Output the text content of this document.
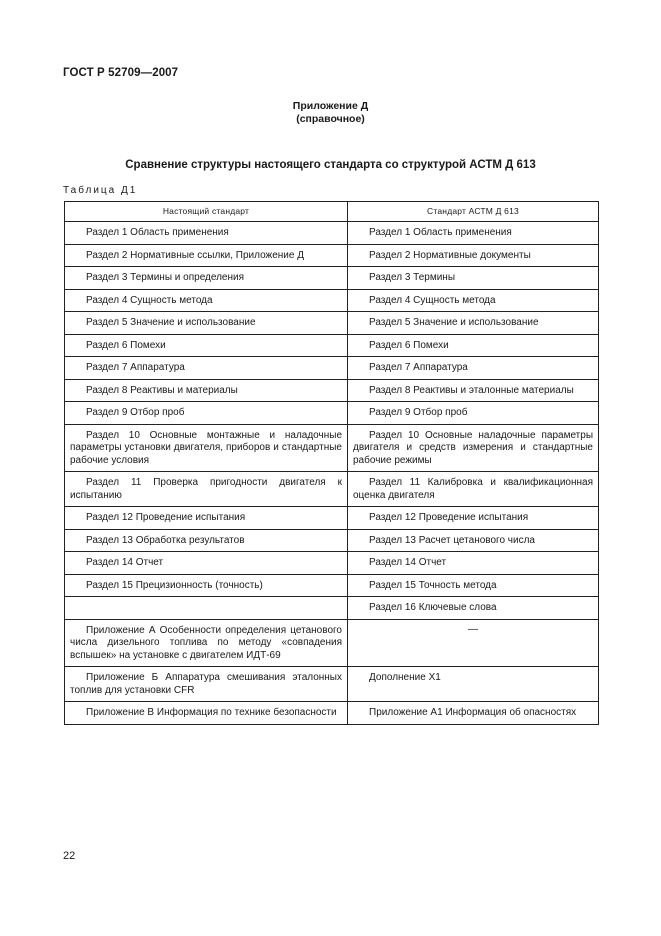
ГОСТ Р 52709—2007
Приложение Д
(справочное)
Сравнение структуры настоящего стандарта со структурой АСТМ Д 613
Таблица Д1
Настоящий стандарт	Стандарт АСТМ Д 613

Раздел 1 Область применения	Раздел 1 Область применения

Раздел 2 Нормативные ссылки, Приложение Д	Раздел 2 Нормативные документы

Раздел 3 Термины и определения	Раздел 3 Термины

Раздел 4 Сущность метода	Раздел 4 Сущность метода

Раздел 5 Значение и использование	Раздел 5 Значение и использование

Раздел 6 Помехи	Раздел 6 Помехи

Раздел 7 Аппаратура	Раздел 7 Аппаратура

Раздел 8 Реактивы и материалы	Раздел 8 Реактивы и эталонные материалы

Раздел 9 Отбор проб	Раздел 9 Отбор проб

Раздел 10 Основные монтажные и наладочные параметры установки двигателя, приборов и стандартные рабочие условия	Раздел 10 Основные наладочные параметры двигателя и средств измерения и стандартные рабочие режимы

Раздел 11 Проверка пригодности двигателя к испытанию	Раздел 11 Калибровка и квалификационная оценка двигателя

Раздел 12 Проведение испытания	Раздел 12 Проведение испытания

Раздел 13 Обработка результатов	Раздел 13 Расчет цетанового числа

Раздел 14 Отчет	Раздел 14 Отчет

Раздел 15 Прецизионность (точность)	Раздел 15 Точность метода

	Раздел 16 Ключевые слова

Приложение А Особенности определения цетанового числа дизельного топлива по методу «совпадения вспышек» на установке с двигателем ИДТ-69	—

Приложение Б Аппаратура смешивания эталонных топлив для установки CFR	Дополнение Х1

Приложение В Информация по технике безопасности	Приложение А1 Информация об опасностях
22
